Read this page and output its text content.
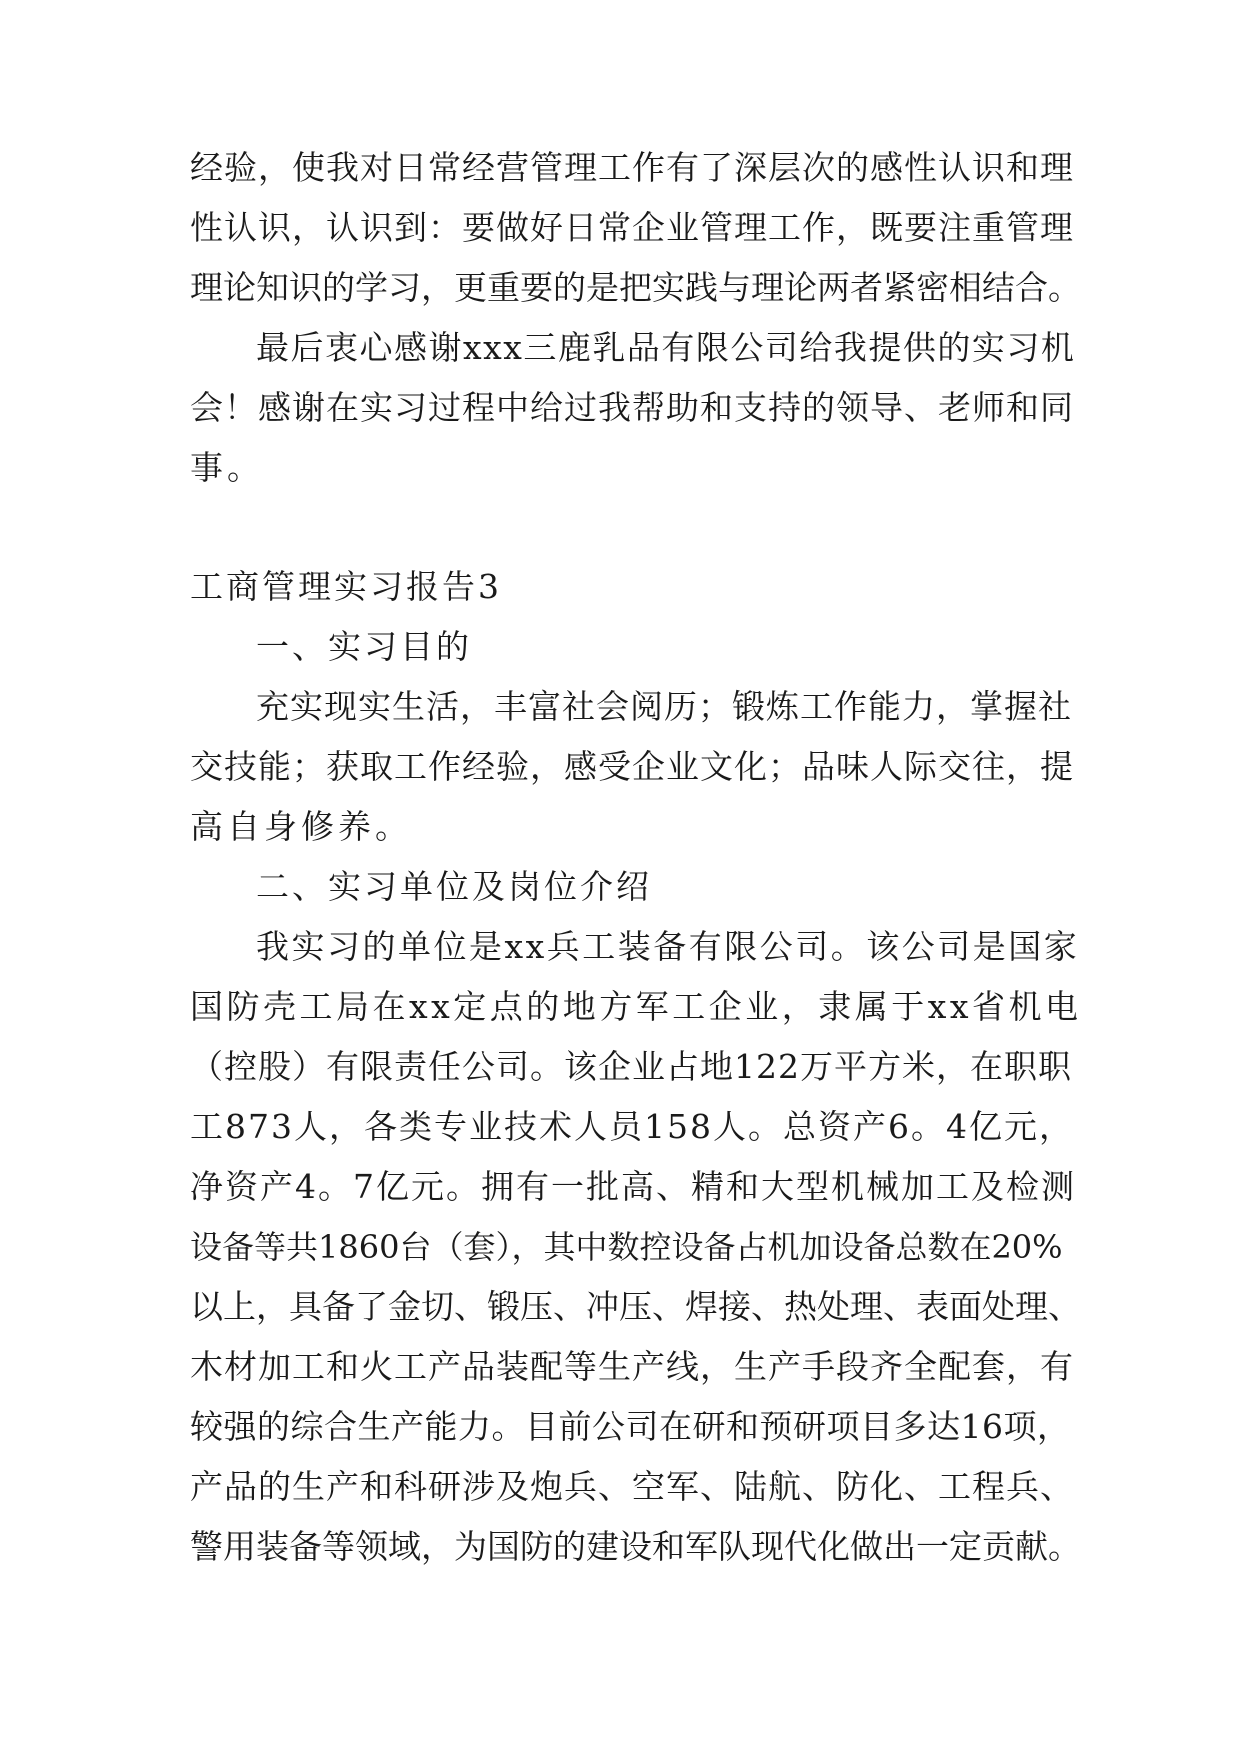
经验，使我对日常经营管理工作有了深层次的感性认识和理

性认识，认识到：要做好日常企业管理工作，既要注重管理

理论知识的学习，更重要的是把实践与理论两者紧密相结合。

最后衷心感谢xxx三鹿乳品有限公司给我提供的实习机

会！感谢在实习过程中给过我帮助和支持的领导、老师和同

事。

工商管理实习报告3

一、实习目的

充实现实生活，丰富社会阅历；锻炼工作能力，掌握社

交技能；获取工作经验，感受企业文化；品味人际交往，提

高自身修养。

二、实习单位及岗位介绍

我实习的单位是xx兵工装备有限公司。该公司是国家

国防壳工局在xx定点的地方军工企业，隶属于xx省机电

（控股）有限责任公司。该企业占地122万平方米，在职职

工873人，各类专业技术人员158人。总资产6。4亿元，

净资产4。7亿元。拥有一批高、精和大型机械加工及检测

设备等共1860台（套），其中数控设备占机加设备总数在20%

以上，具备了金切、锻压、冲压、焊接、热处理、表面处理、

木材加工和火工产品装配等生产线，生产手段齐全配套，有

较强的综合生产能力。目前公司在研和预研项目多达16项，

产品的生产和科研涉及炮兵、空军、陆航、防化、工程兵、

警用装备等领域，为国防的建设和军队现代化做出一定贡献。
